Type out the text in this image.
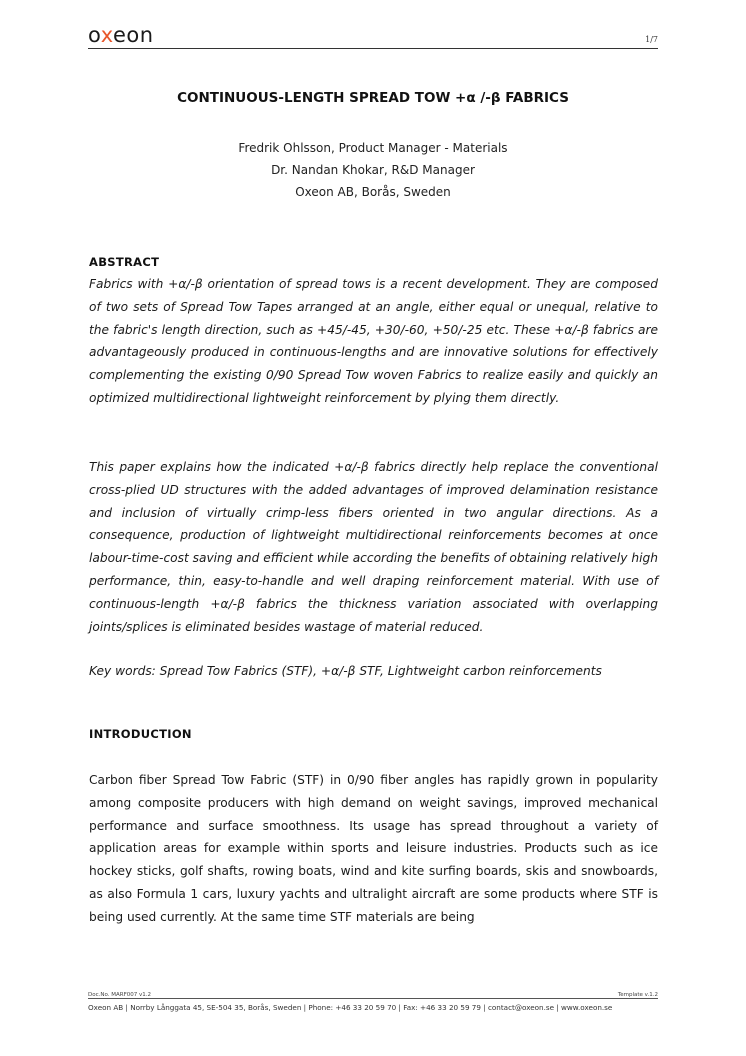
oxeon	1/7
CONTINUOUS-LENGTH SPREAD TOW +α /-β FABRICS
Fredrik Ohlsson, Product Manager - Materials
Dr. Nandan Khokar, R&D Manager
Oxeon AB, Borås, Sweden
ABSTRACT

Fabrics with +α/-β orientation of spread tows is a recent development. They are composed of two sets of Spread Tow Tapes arranged at an angle, either equal or unequal, relative to the fabric's length direction, such as +45/-45, +30/-60, +50/-25 etc. These +α/-β fabrics are advantageously produced in continuous-lengths and are innovative solutions for effectively complementing the existing 0/90 Spread Tow woven Fabrics to realize easily and quickly an optimized multidirectional lightweight reinforcement by plying them directly.

This paper explains how the indicated +α/-β fabrics directly help replace the conventional cross-plied UD structures with the added advantages of improved delamination resistance and inclusion of virtually crimp-less fibers oriented in two angular directions. As a consequence, production of lightweight multidirectional reinforcements becomes at once labour-time-cost saving and efficient while according the benefits of obtaining relatively high performance, thin, easy-to-handle and well draping reinforcement material. With use of continuous-length +α/-β fabrics the thickness variation associated with overlapping joints/splices is eliminated besides wastage of material reduced.

Key words: Spread Tow Fabrics (STF), +α/-β STF, Lightweight carbon reinforcements
INTRODUCTION

Carbon fiber Spread Tow Fabric (STF) in 0/90 fiber angles has rapidly grown in popularity among composite producers with high demand on weight savings, improved mechanical performance and surface smoothness. Its usage has spread throughout a variety of application areas for example within sports and leisure industries. Products such as ice hockey sticks, golf shafts, rowing boats, wind and kite surfing boards, skis and snowboards, as also Formula 1 cars, luxury yachts and ultralight aircraft are some products where STF is being used currently. At the same time STF materials are being

Doc.No. MARF007 v1.2	Template v.1.2
Oxeon AB | Norrby Långgata 45, SE-504 35, Borås, Sweden | Phone: +46 33 20 59 70 | Fax: +46 33 20 59 79 | contact@oxeon.se | www.oxeon.se
